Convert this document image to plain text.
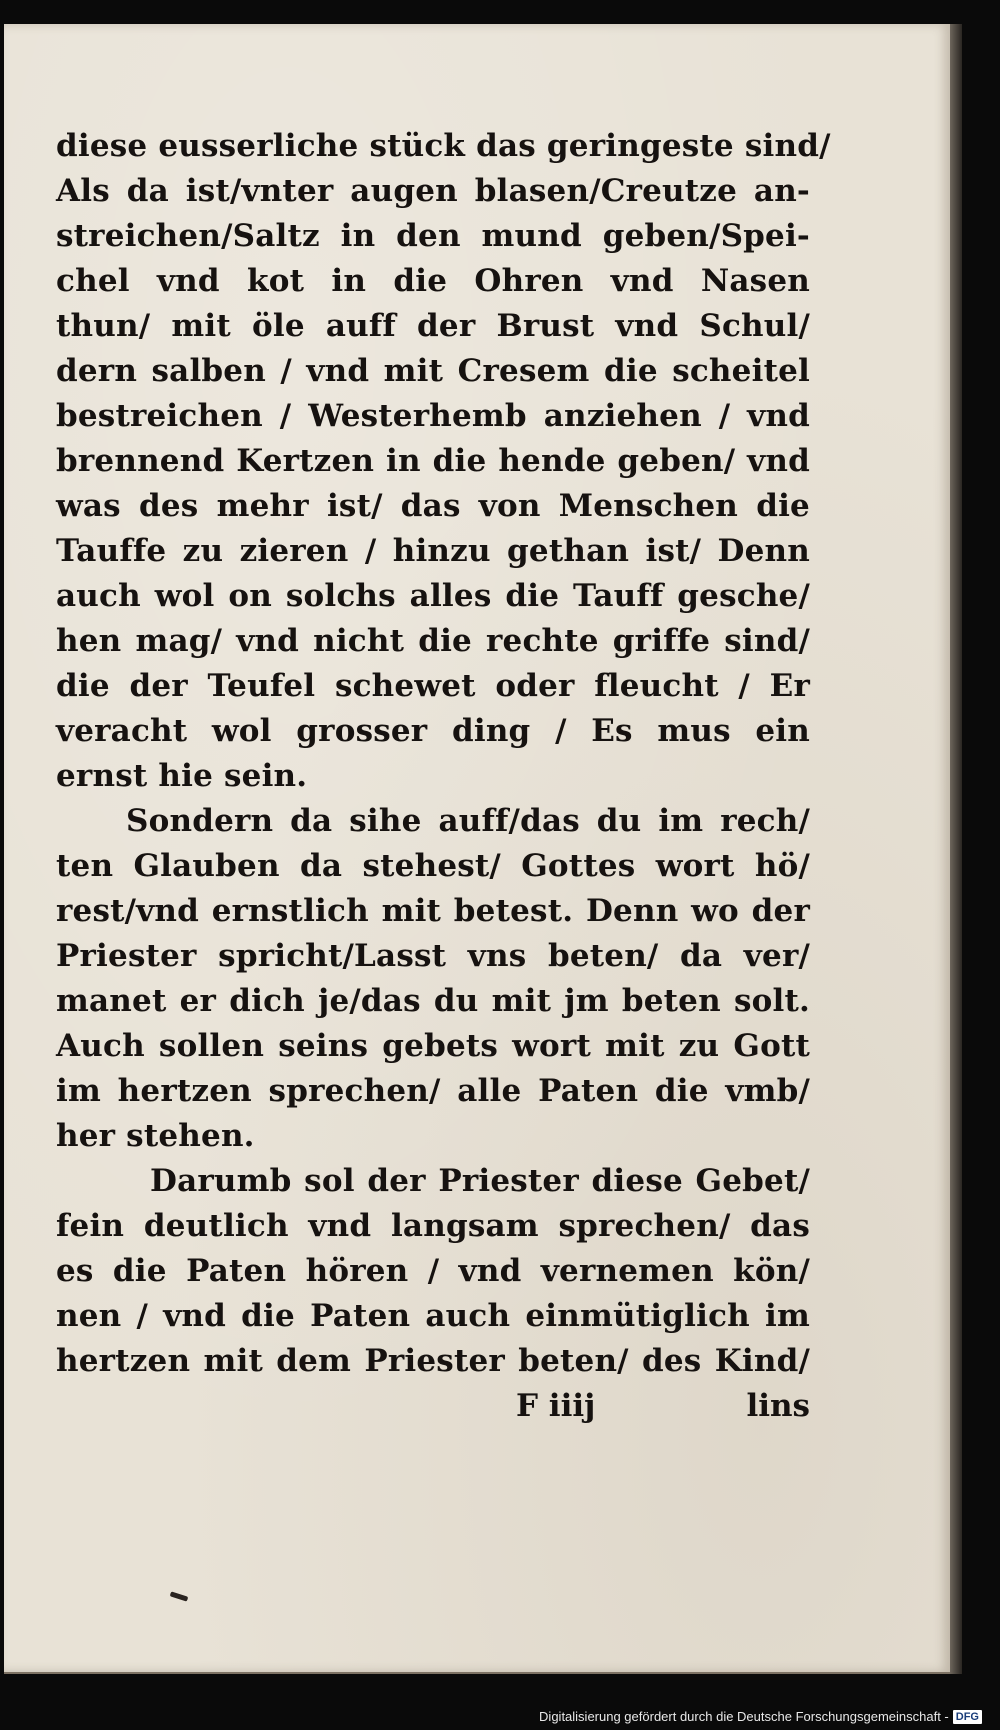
diese eusserliche stück das geringeste sind/
Als da ist/vnter augen blasen/Creutze an-
streichen/Saltz in den mund geben/Spei-
chel vnd kot in die Ohren vnd Nasen
thun/ mit öle auff der Brust vnd Schul/
dern salben / vnd mit Cresem die scheitel
bestreichen / Westerhemb anziehen / vnd
brennend Kertzen in die hende geben/ vnd
was des mehr ist/ das von Menschen die
Tauffe zu zieren / hinzu gethan ist/ Denn
auch wol on solchs alles die Tauff gesche/
hen mag/ vnd nicht die rechte griffe sind/
die der Teufel schewet oder fleucht / Er
veracht wol grosser ding / Es mus ein
ernst hie sein.
Sondern da sihe auff/das du im rech/
ten Glauben da stehest/ Gottes wort hö/
rest/vnd ernstlich mit betest. Denn wo der
Priester spricht/Lasst vns beten/ da ver/
manet er dich je/das du mit jm beten solt.
Auch sollen seins gebets wort mit zu Gott
im hertzen sprechen/ alle Paten die vmb/
her stehen.
Darumb sol der Priester diese Gebet/
fein deutlich vnd langsam sprechen/ das
es die Paten hören / vnd vernemen kön/
nen / vnd die Paten auch einmütiglich im
hertzen mit dem Priester beten/ des Kind/
F iiij	lins
Digitalisierung gefördert durch die Deutsche Forschungsgemeinschaft - DFG
